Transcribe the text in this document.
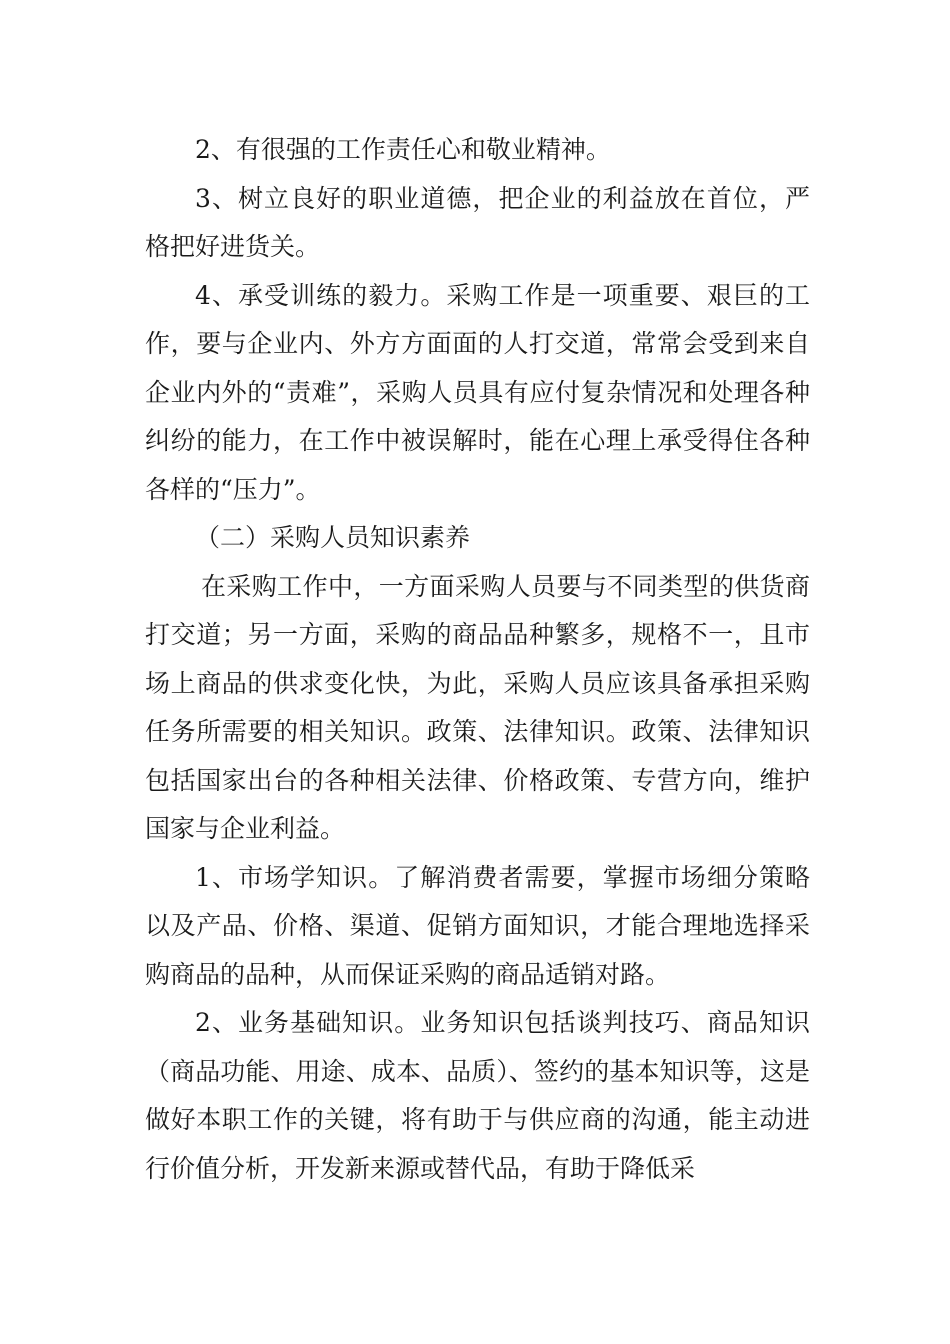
2、有很强的工作责任心和敬业精神。

3、树立良好的职业道德，把企业的利益放在首位，严格把好进货关。

4、承受训练的毅力。采购工作是一项重要、艰巨的工作，要与企业内、外方方面面的人打交道，常常会受到来自企业内外的“责难”，采购人员具有应付复杂情况和处理各种纠纷的能力，在工作中被误解时，能在心理上承受得住各种各样的“压力”。

（二）采购人员知识素养

在采购工作中，一方面采购人员要与不同类型的供货商打交道；另一方面，采购的商品品种繁多，规格不一，且市场上商品的供求变化快，为此，采购人员应该具备承担采购任务所需要的相关知识。政策、法律知识。政策、法律知识包括国家出台的各种相关法律、价格政策、专营方向，维护国家与企业利益。

1、市场学知识。了解消费者需要，掌握市场细分策略以及产品、价格、渠道、促销方面知识，才能合理地选择采购商品的品种，从而保证采购的商品适销对路。

2、业务基础知识。业务知识包括谈判技巧、商品知识（商品功能、用途、成本、品质）、签约的基本知识等，这是做好本职工作的关键，将有助于与供应商的沟通，能主动进行价值分析，开发新来源或替代品，有助于降低采
